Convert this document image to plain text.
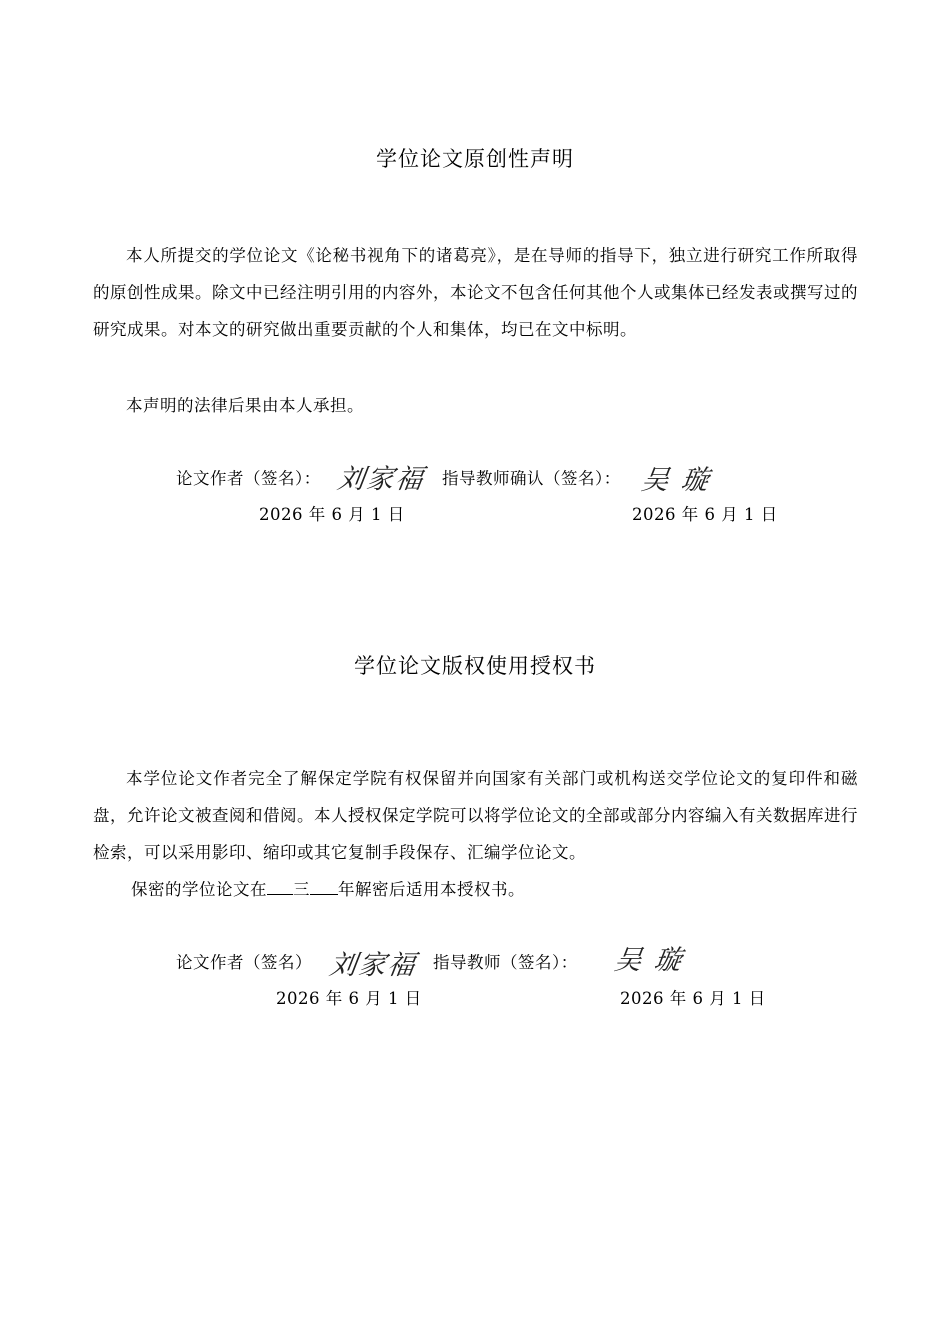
学位论文原创性声明

本人所提交的学位论文《论秘书视角下的诸葛亮》，是在导师的指导下，独立进行研究工作所取得的原创性成果。除文中已经注明引用的内容外，本论文不包含任何其他个人或集体已经发表或撰写过的研究成果。对本文的研究做出重要贡献的个人和集体，均已在文中标明。

本声明的法律后果由本人承担。
论文作者（签名）： 刘家福 指导教师确认（签名）： 吴 璇
2026 年 6 月 1 日	2026 年 6 月 1 日
学位论文版权使用授权书

本学位论文作者完全了解保定学院有权保留并向国家有关部门或机构送交学位论文的复印件和磁盘，允许论文被查阅和借阅。本人授权保定学院可以将学位论文的全部或部分内容编入有关数据库进行检索，可以采用影印、缩印或其它复制手段保存、汇编学位论文。

保密的学位论文在 三 年解密后适用本授权书。
论文作者（签名） 刘家福 指导教师（签名）： 吴 璇
2026 年 6 月 1 日	2026 年 6 月 1 日
